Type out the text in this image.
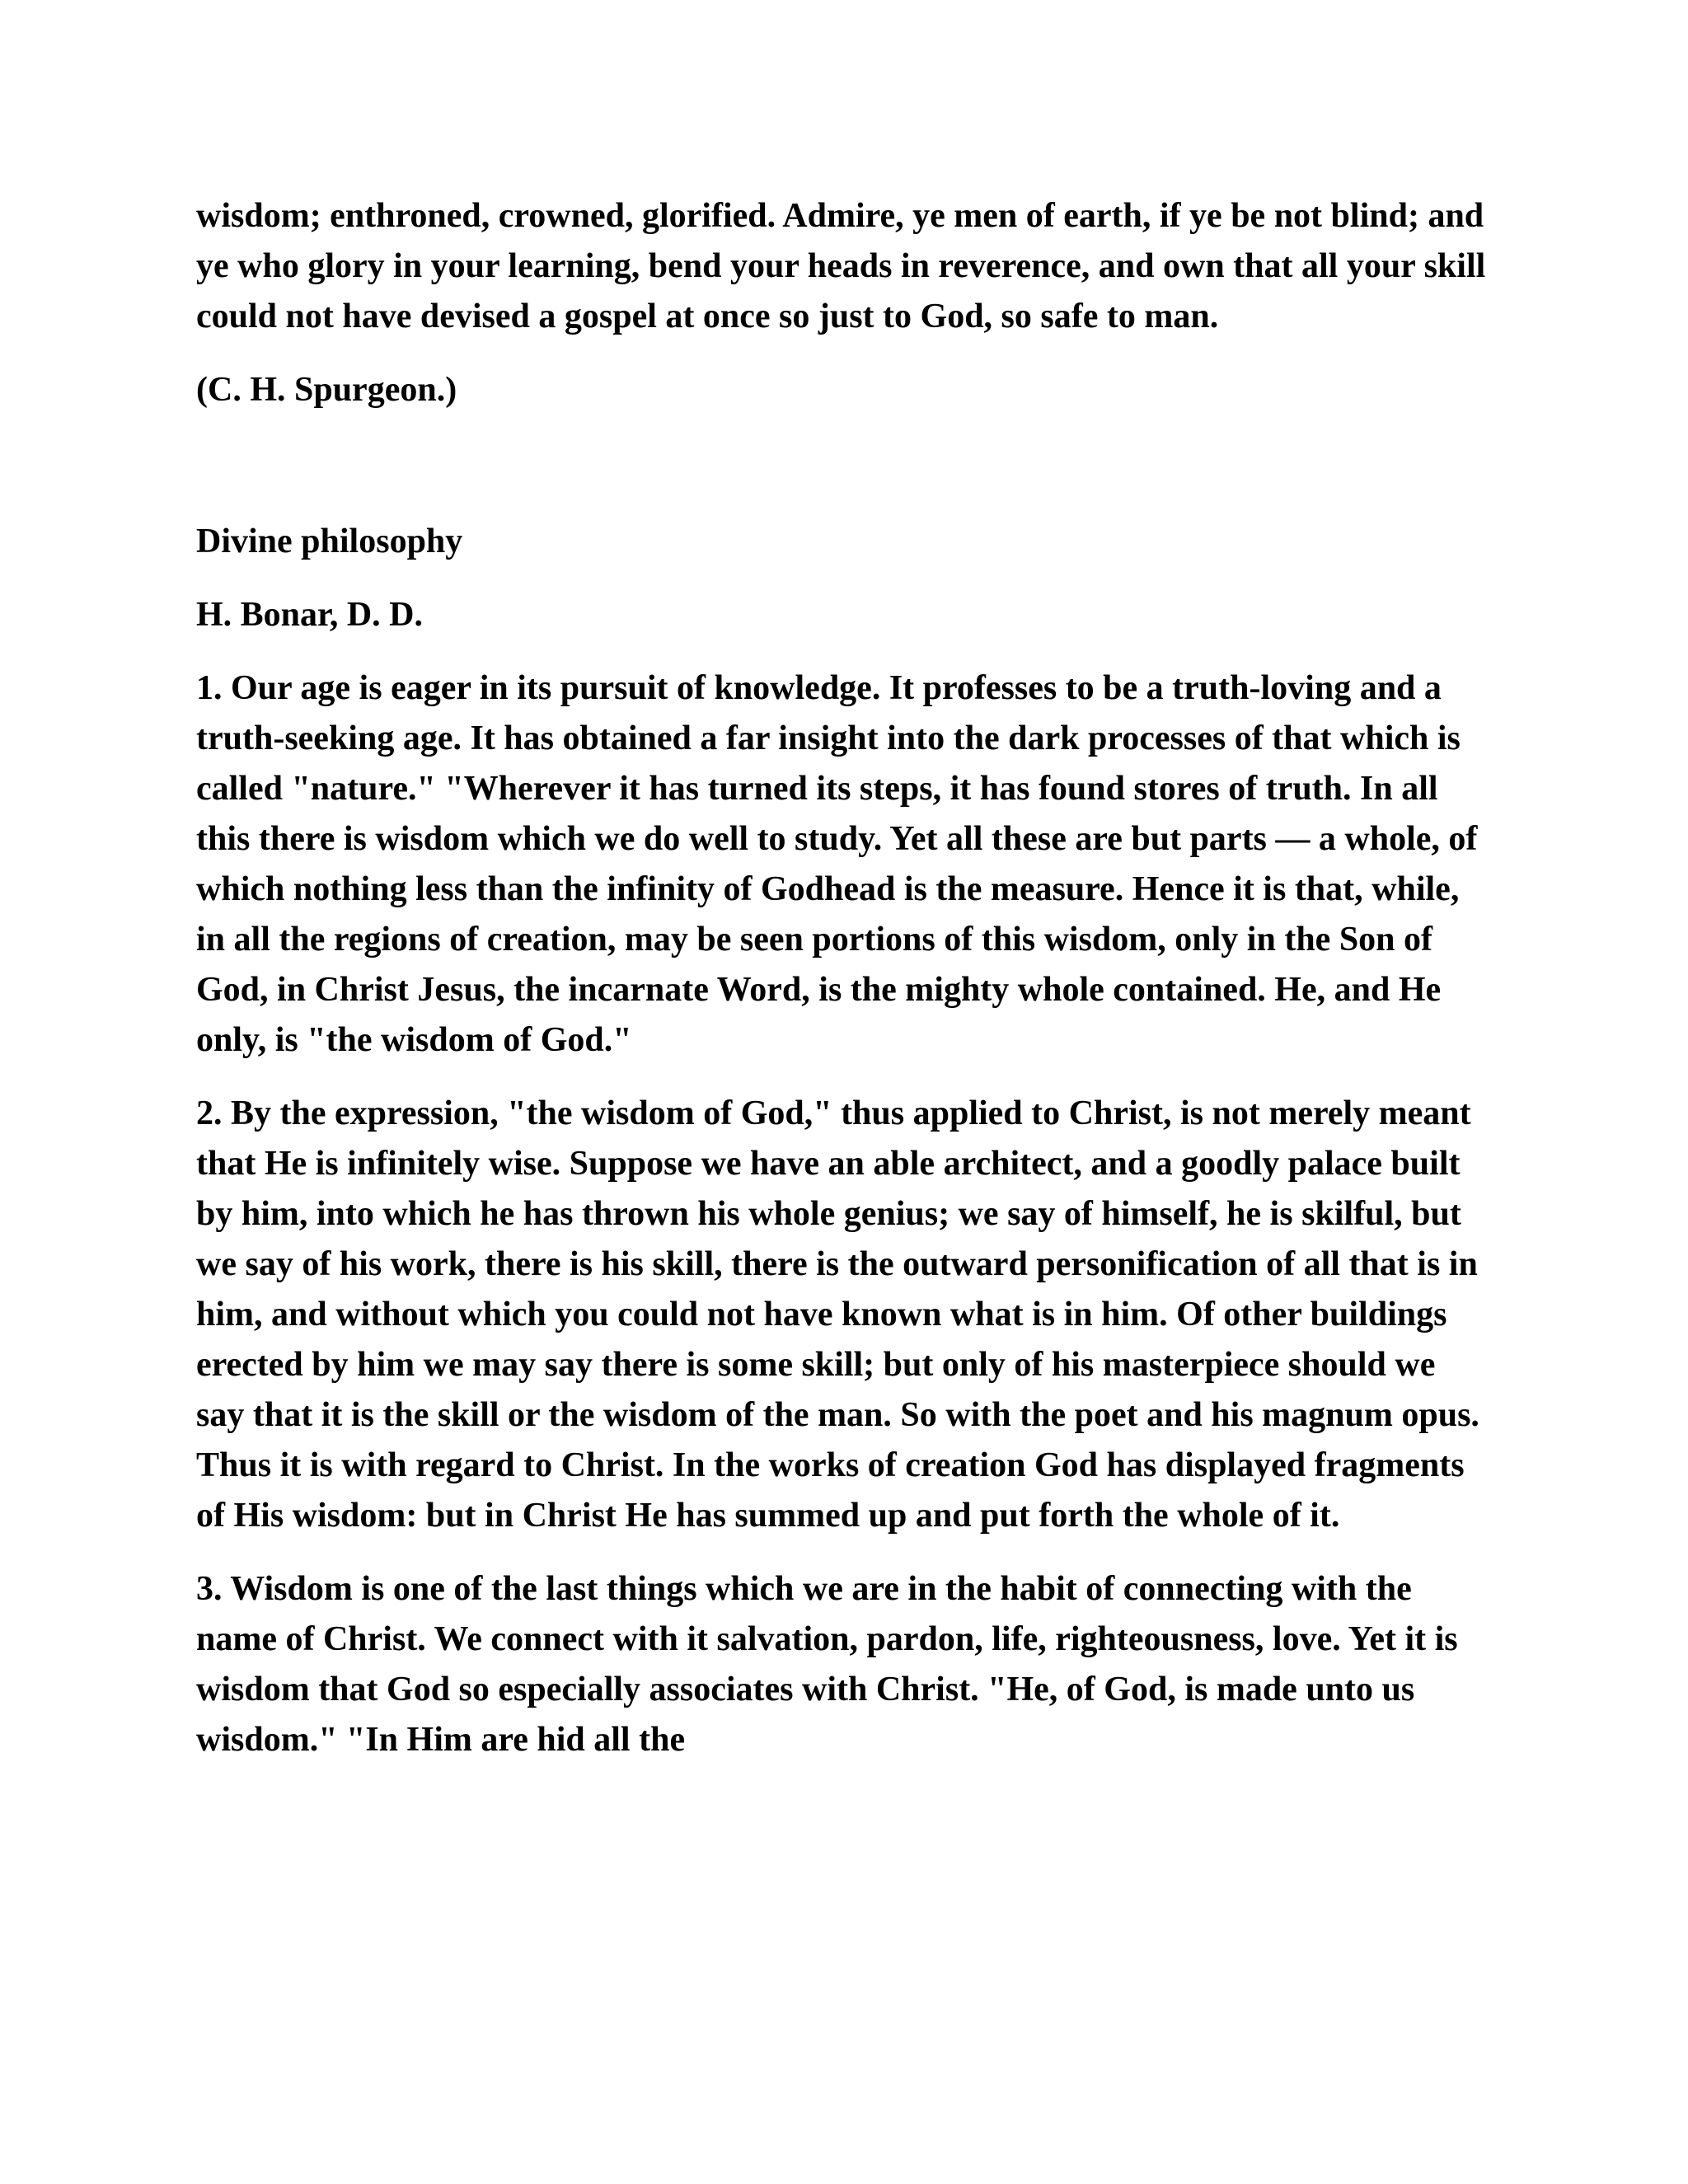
wisdom; enthroned, crowned, glorified. Admire, ye men of earth, if ye be not blind; and ye who glory in your learning, bend your heads in reverence, and own that all your skill could not have devised a gospel at once so just to God, so safe to man.

(C. H. Spurgeon.)

Divine philosophy

H. Bonar, D. D.

1. Our age is eager in its pursuit of knowledge. It professes to be a truth-loving and a truth-seeking age. It has obtained a far insight into the dark processes of that which is called "nature." "Wherever it has turned its steps, it has found stores of truth. In all this there is wisdom which we do well to study. Yet all these are but parts — a whole, of which nothing less than the infinity of Godhead is the measure. Hence it is that, while, in all the regions of creation, may be seen portions of this wisdom, only in the Son of God, in Christ Jesus, the incarnate Word, is the mighty whole contained. He, and He only, is "the wisdom of God."

2. By the expression, "the wisdom of God," thus applied to Christ, is not merely meant that He is infinitely wise. Suppose we have an able architect, and a goodly palace built by him, into which he has thrown his whole genius; we say of himself, he is skilful, but we say of his work, there is his skill, there is the outward personification of all that is in him, and without which you could not have known what is in him. Of other buildings erected by him we may say there is some skill; but only of his masterpiece should we say that it is the skill or the wisdom of the man. So with the poet and his magnum opus. Thus it is with regard to Christ. In the works of creation God has displayed fragments of His wisdom: but in Christ He has summed up and put forth the whole of it.

3. Wisdom is one of the last things which we are in the habit of connecting with the name of Christ. We connect with it salvation, pardon, life, righteousness, love. Yet it is wisdom that God so especially associates with Christ. "He, of God, is made unto us wisdom." "In Him are hid all the
